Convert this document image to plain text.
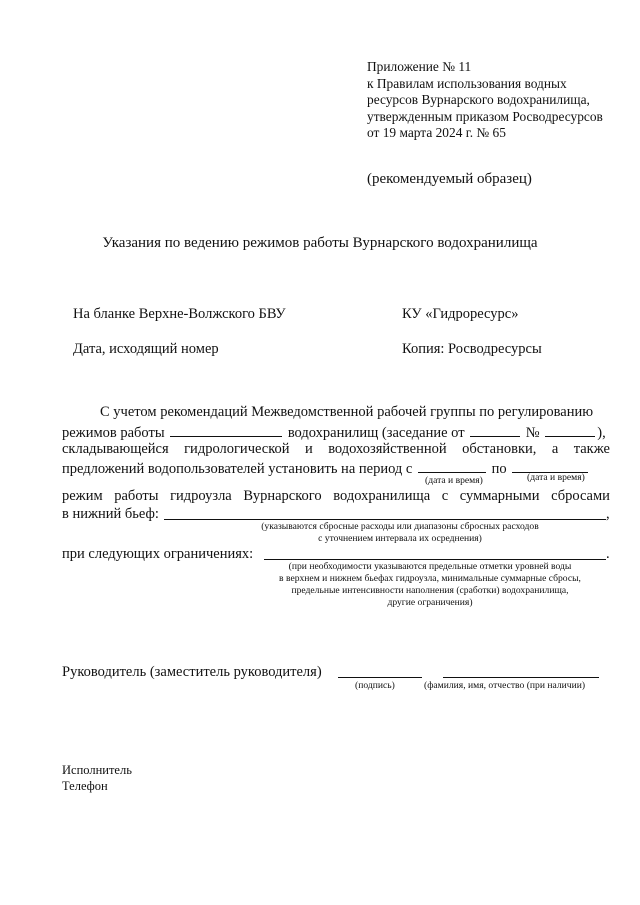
Приложение № 11
к Правилам использования водных
ресурсов Вурнарского водохранилища,
утвержденным приказом Росводресурсов
от 19 марта 2024 г. № 65
(рекомендуемый образец)
Указания по ведению режимов работы Вурнарского водохранилища
На бланке Верхне-Волжского БВУ	КУ «Гидроресурс»
Дата, исходящий номер	Копия: Росводресурсы
С учетом рекомендаций Межведомственной рабочей группы по регулированию
режимов работы	водохранилищ (заседание от	№	),
складывающейся гидрологической и водохозяйственной обстановки, а также
предложений водопользователей установить на период с	по
(дата и время)	(дата и время)
режим работы гидроузла Вурнарского водохранилища с суммарными сбросами
в нижний бьеф:	,
(указываются сбросные расходы или диапазоны сбросных расходов
с уточнением интервала их осреднения)
при следующих ограничениях:	.
(при необходимости указываются предельные отметки уровней воды
в верхнем и нижнем бьефах гидроузла, минимальные суммарные сбросы,
предельные интенсивности наполнения (сработки) водохранилища,
другие ограничения)
Руководитель (заместитель руководителя)
(подпись)	(фамилия, имя, отчество (при наличии)
Исполнитель
Телефон
